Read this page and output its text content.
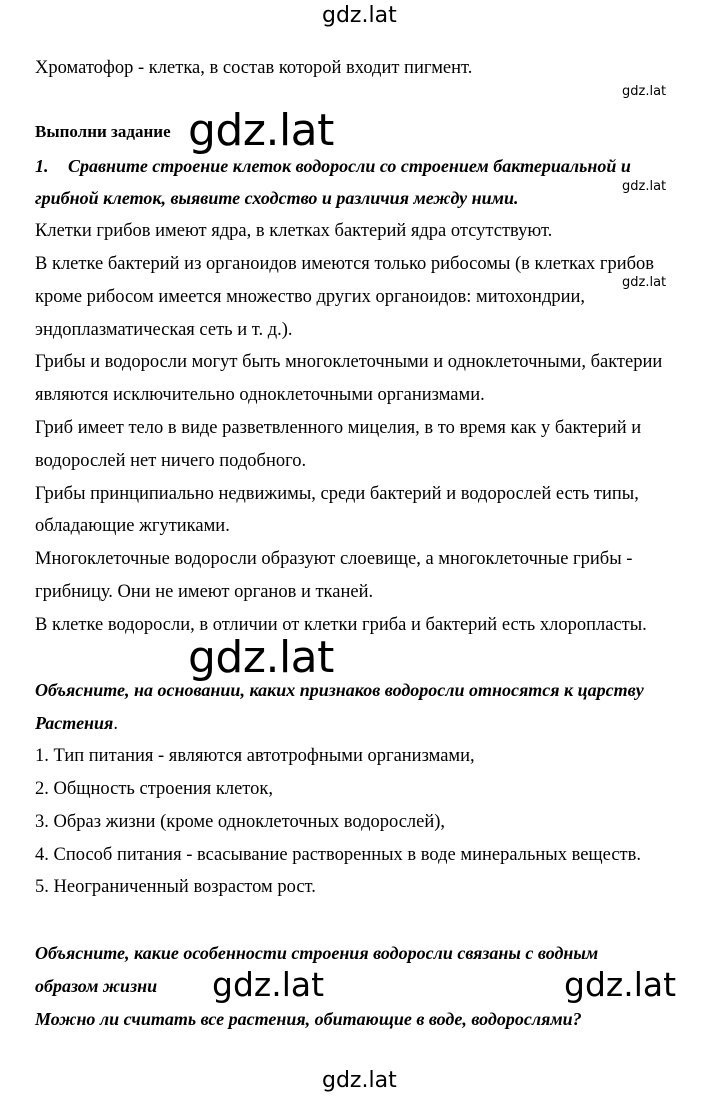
gdz.lat
gdz.lat
gdz.lat
gdz.lat
Хроматофор - клетка, в состав которой входит пигмент.
Выполни задание gdz.lat
1. Сравните строение клеток водоросли со строением бактериальной и
грибной клеток, выявите сходство и различия между ними.
Клетки грибов имеют ядра, в клетках бактерий ядра отсутствуют.
В клетке бактерий из органоидов имеются только рибосомы (в клетках грибов
кроме рибосом имеется множество других органоидов: митохондрии,
эндоплазматическая сеть и т. д.).
Грибы и водоросли могут быть многоклеточными и одноклеточными, бактерии
являются исключительно одноклеточными организмами.
Гриб имеет тело в виде разветвленного мицелия, в то время как у бактерий и
водорослей нет ничего подобного.
Грибы принципиально недвижимы, среди бактерий и водорослей есть типы,
обладающие жгутиками.
Многоклеточные водоросли образуют слоевище, а многоклеточные грибы -
грибницу. Они не имеют органов и тканей.
В клетке водоросли, в отличии от клетки гриба и бактерий есть хлоропласты.
gdz.lat
Объясните, на основании, каких признаков водоросли относятся к царству
Растения.
1. Тип питания - являются автотрофными организмами,
2. Общность строения клеток,
3. Образ жизни (кроме одноклеточных водорослей),
4. Способ питания - всасывание растворенных в воде минеральных веществ.
5. Неограниченный возрастом рост.
Объясните, какие особенности строения водоросли связаны с водным
образом жизни gdz.lat	gdz.lat
Можно ли считать все растения, обитающие в воде, водорослями?
gdz.lat
